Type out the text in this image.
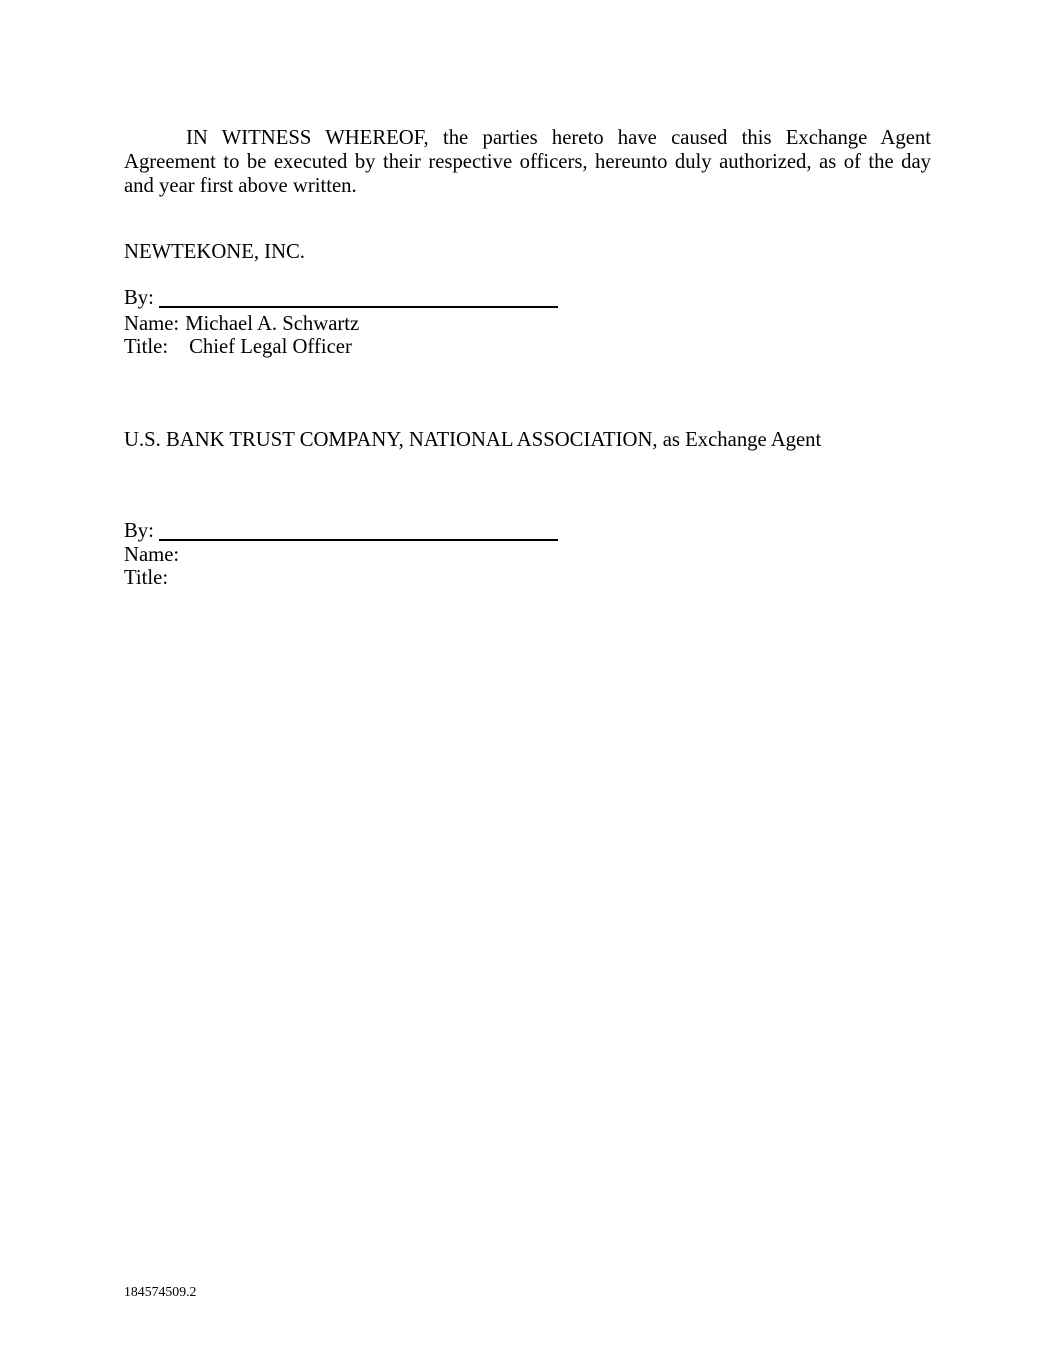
IN WITNESS WHEREOF, the parties hereto have caused this Exchange Agent
Agreement to be executed by their respective officers, hereunto duly authorized, as of the day
and year first above written.
NEWTEKONE, INC.
By:
Name: Michael A. Schwartz
Title: Chief Legal Officer
U.S. BANK TRUST COMPANY, NATIONAL ASSOCIATION, as Exchange Agent
By:
Name:
Title:
184574509.2
